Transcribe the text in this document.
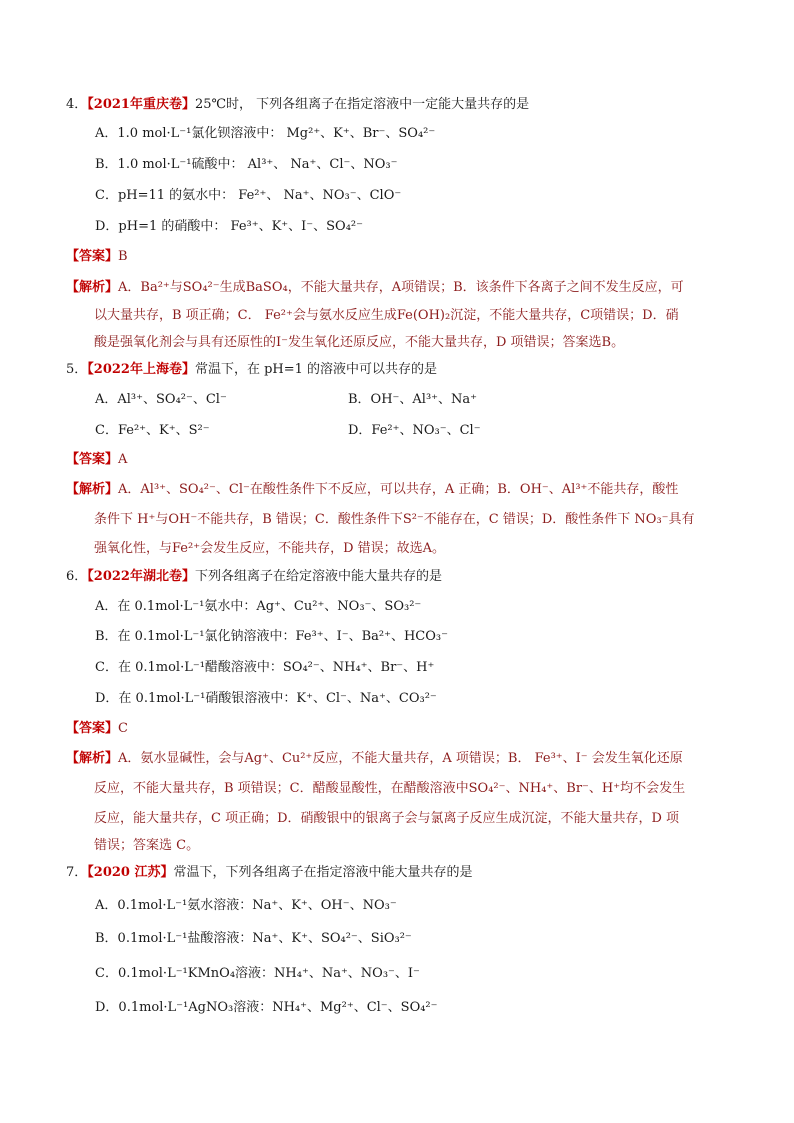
4．【2021年重庆卷】25℃时， 下列各组离子在指定溶液中一定能大量共存的是
A．1.0 mol·L⁻¹氯化钡溶液中： Mg²⁺、K⁺、Br⁻、SO₄²⁻
B．1.0 mol·L⁻¹硫酸中： Al³⁺、 Na⁺、Cl⁻、NO₃⁻
C．pH=11 的氨水中： Fe²⁺、 Na⁺、NO₃⁻、ClO⁻
D．pH=1 的硝酸中： Fe³⁺、K⁺、I⁻、SO₄²⁻
【答案】B
【解析】A．Ba²⁺与SO₄²⁻生成BaSO₄，不能大量共存，A项错误；B．该条件下各离子之间不发生反应，可
以大量共存，B 项正确；C． Fe²⁺会与氨水反应生成Fe(OH)₂沉淀，不能大量共存，C项错误；D．硝
酸是强氧化剂会与具有还原性的I⁻发生氧化还原反应，不能大量共存，D 项错误；答案选B。
5．【2022年上海卷】常温下，在 pH=1 的溶液中可以共存的是
A．Al³⁺、SO₄²⁻、Cl⁻	B．OH⁻、Al³⁺、Na⁺
C．Fe²⁺、K⁺、S²⁻	D．Fe²⁺、NO₃⁻、Cl⁻
【答案】A
【解析】A．Al³⁺、SO₄²⁻、Cl⁻在酸性条件下不反应，可以共存，A 正确；B．OH⁻、Al³⁺不能共存，酸性
条件下 H⁺与OH⁻不能共存，B 错误；C．酸性条件下S²⁻不能存在，C 错误；D．酸性条件下 NO₃⁻具有
强氧化性，与Fe²⁺会发生反应，不能共存，D 错误；故选A。
6．【2022年湖北卷】下列各组离子在给定溶液中能大量共存的是
A．在 0.1mol·L⁻¹氨水中：Ag⁺、Cu²⁺、NO₃⁻、SO₃²⁻
B．在 0.1mol·L⁻¹氯化钠溶液中：Fe³⁺、I⁻、Ba²⁺、HCO₃⁻
C．在 0.1mol·L⁻¹醋酸溶液中：SO₄²⁻、NH₄⁺、Br⁻、H⁺
D．在 0.1mol·L⁻¹硝酸银溶液中：K⁺、Cl⁻、Na⁺、CO₃²⁻
【答案】C
【解析】A．氨水显碱性，会与Ag⁺、Cu²⁺反应，不能大量共存，A 项错误；B． Fe³⁺、I⁻ 会发生氧化还原
反应，不能大量共存，B 项错误；C．醋酸显酸性，在醋酸溶液中SO₄²⁻、NH₄⁺、Br⁻、H⁺均不会发生
反应，能大量共存，C 项正确；D．硝酸银中的银离子会与氯离子反应生成沉淀，不能大量共存，D 项
错误；答案选 C。
7．【2020 江苏】常温下，下列各组离子在指定溶液中能大量共存的是
A．0.1mol·L⁻¹氨水溶液：Na⁺、K⁺、OH⁻、NO₃⁻
B．0.1mol·L⁻¹盐酸溶液：Na⁺、K⁺、SO₄²⁻、SiO₃²⁻
C．0.1mol·L⁻¹KMnO₄溶液：NH₄⁺、Na⁺、NO₃⁻、I⁻
D．0.1mol·L⁻¹AgNO₃溶液：NH₄⁺、Mg²⁺、Cl⁻、SO₄²⁻
